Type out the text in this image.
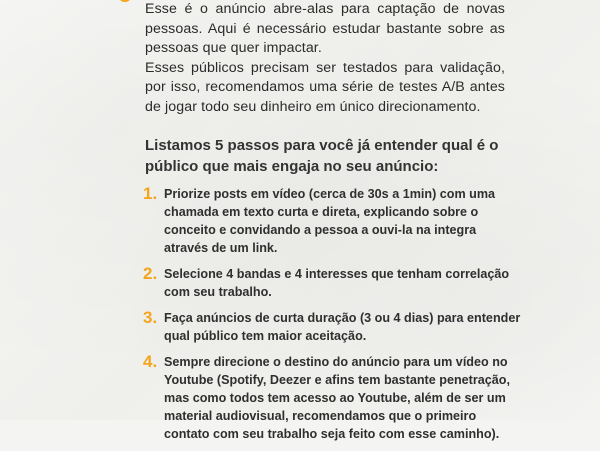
Esse é o anúncio abre-alas para captação de novas pessoas. Aqui é necessário estudar bastante sobre as pessoas que quer impactar.

Esses públicos precisam ser testados para validação, por isso, recomendamos uma série de testes A/B antes de jogar todo seu dinheiro em único direcionamento.

Listamos 5 passos para você já entender qual é o público que mais engaja no seu anúncio:
1. Priorize posts em vídeo (cerca de 30s a 1min) com uma chamada em texto curta e direta, explicando sobre o conceito e convidando a pessoa a ouvi-la na integra através de um link.
2. Selecione 4 bandas e 4 interesses que tenham correlação com seu trabalho.
3. Faça anúncios de curta duração (3 ou 4 dias) para entender qual público tem maior aceitação.
4. Sempre direcione o destino do anúncio para um vídeo no Youtube (Spotify, Deezer e afins tem bastante penetração, mas como todos tem acesso ao Youtube, além de ser um material audiovisual, recomendamos que o primeiro contato com seu trabalho seja feito com esse caminho).
